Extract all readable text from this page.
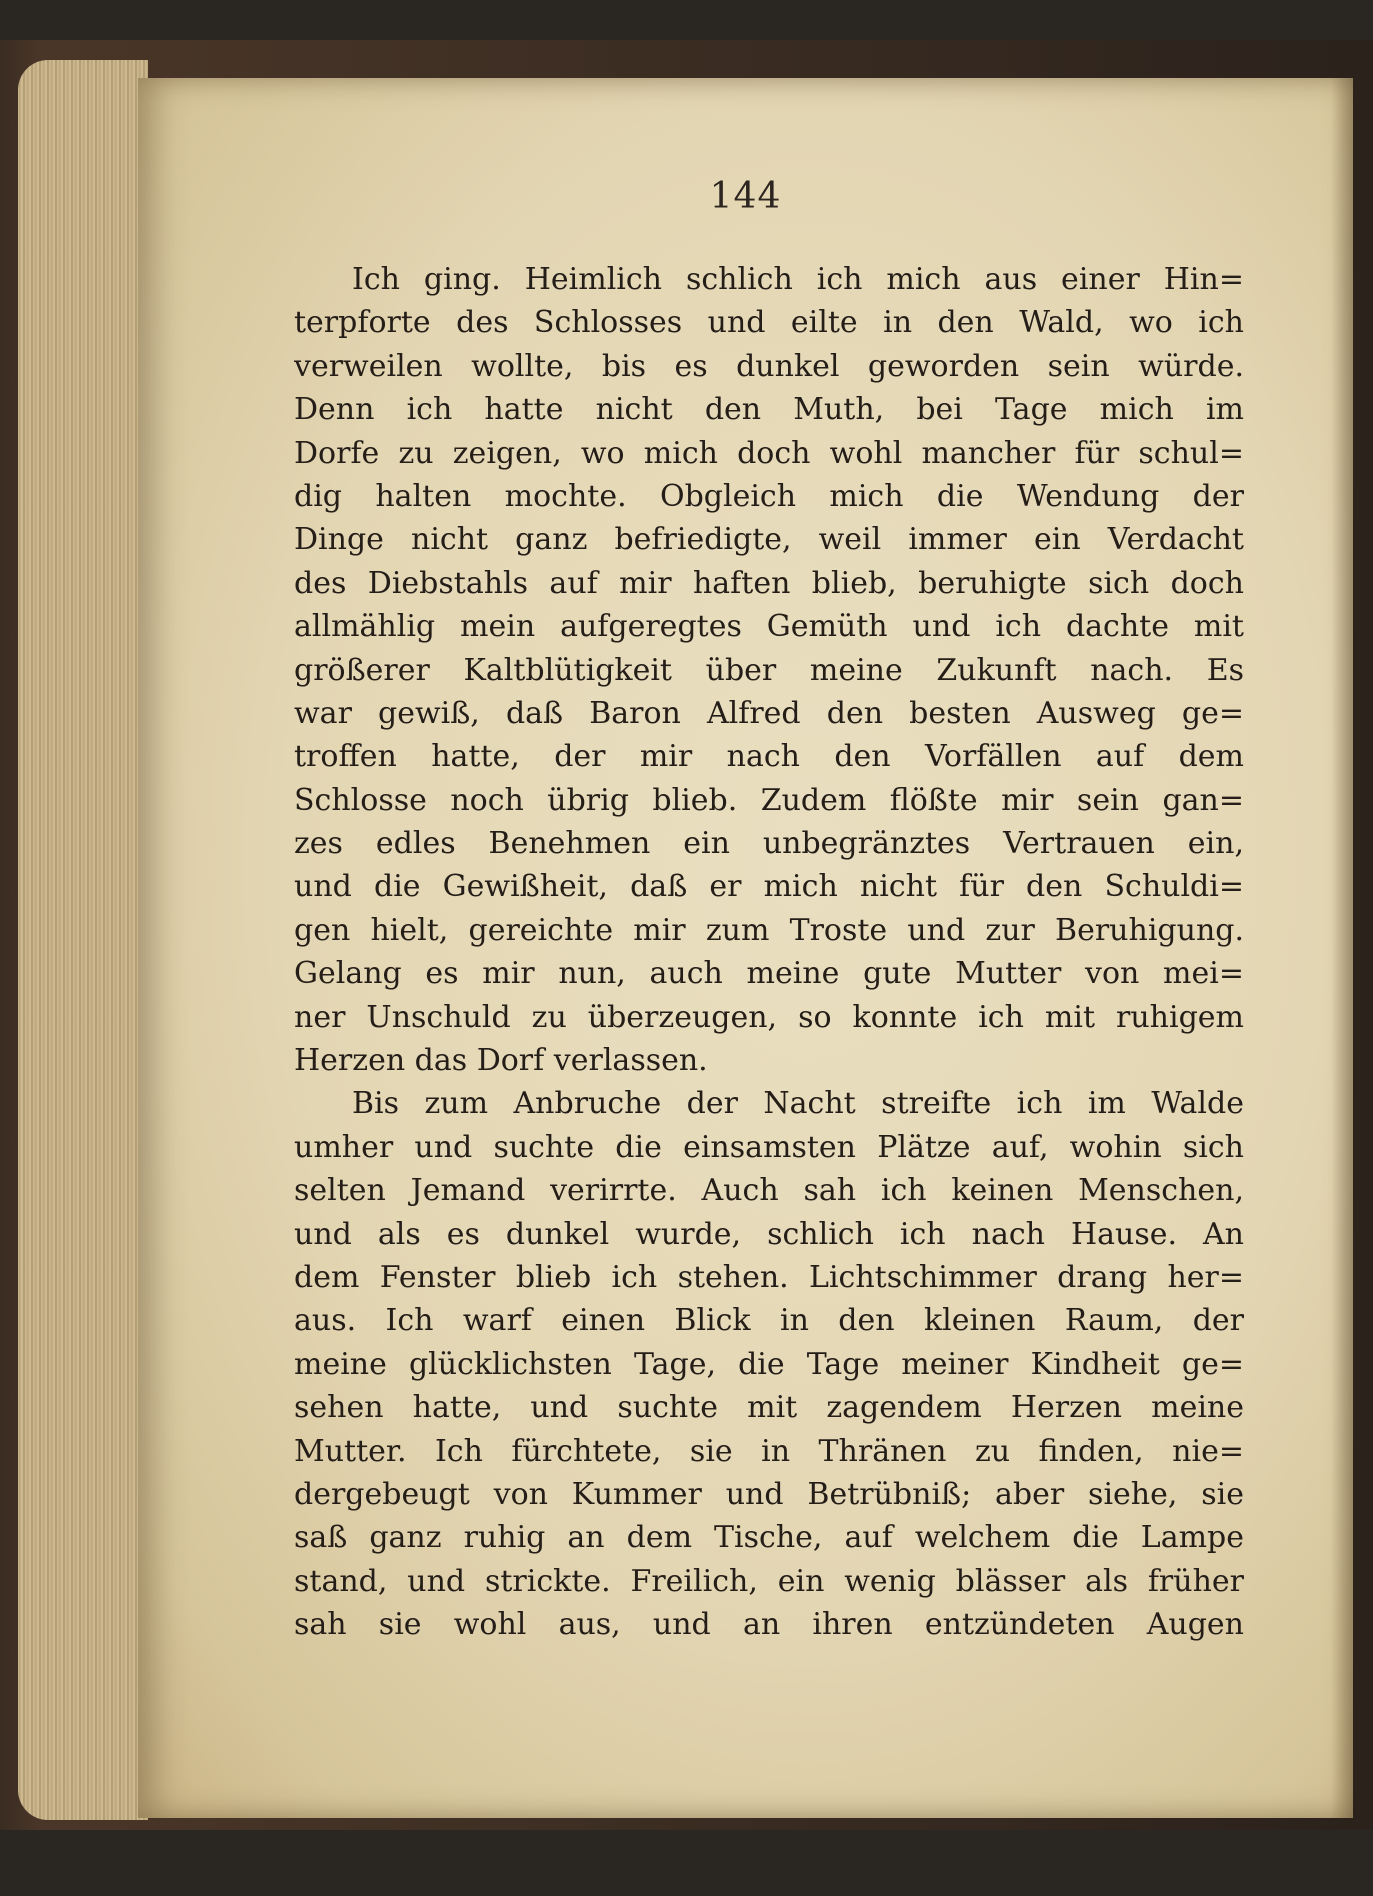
144
Ich ging. Heimlich schlich ich mich aus einer Hin=
terpforte des Schlosses und eilte in den Wald, wo ich
verweilen wollte, bis es dunkel geworden sein würde.
Denn ich hatte nicht den Muth, bei Tage mich im
Dorfe zu zeigen, wo mich doch wohl mancher für schul=
dig halten mochte. Obgleich mich die Wendung der
Dinge nicht ganz befriedigte, weil immer ein Verdacht
des Diebstahls auf mir haften blieb, beruhigte sich doch
allmählig mein aufgeregtes Gemüth und ich dachte mit
größerer Kaltblütigkeit über meine Zukunft nach. Es
war gewiß, daß Baron Alfred den besten Ausweg ge=
troffen hatte, der mir nach den Vorfällen auf dem
Schlosse noch übrig blieb. Zudem flößte mir sein gan=
zes edles Benehmen ein unbegränztes Vertrauen ein,
und die Gewißheit, daß er mich nicht für den Schuldi=
gen hielt, gereichte mir zum Troste und zur Beruhigung.
Gelang es mir nun, auch meine gute Mutter von mei=
ner Unschuld zu überzeugen, so konnte ich mit ruhigem
Herzen das Dorf verlassen.
Bis zum Anbruche der Nacht streifte ich im Walde
umher und suchte die einsamsten Plätze auf, wohin sich
selten Jemand verirrte. Auch sah ich keinen Menschen,
und als es dunkel wurde, schlich ich nach Hause. An
dem Fenster blieb ich stehen. Lichtschimmer drang her=
aus. Ich warf einen Blick in den kleinen Raum, der
meine glücklichsten Tage, die Tage meiner Kindheit ge=
sehen hatte, und suchte mit zagendem Herzen meine
Mutter. Ich fürchtete, sie in Thränen zu finden, nie=
dergebeugt von Kummer und Betrübniß; aber siehe, sie
saß ganz ruhig an dem Tische, auf welchem die Lampe
stand, und strickte. Freilich, ein wenig blässer als früher
sah sie wohl aus, und an ihren entzündeten Augen
